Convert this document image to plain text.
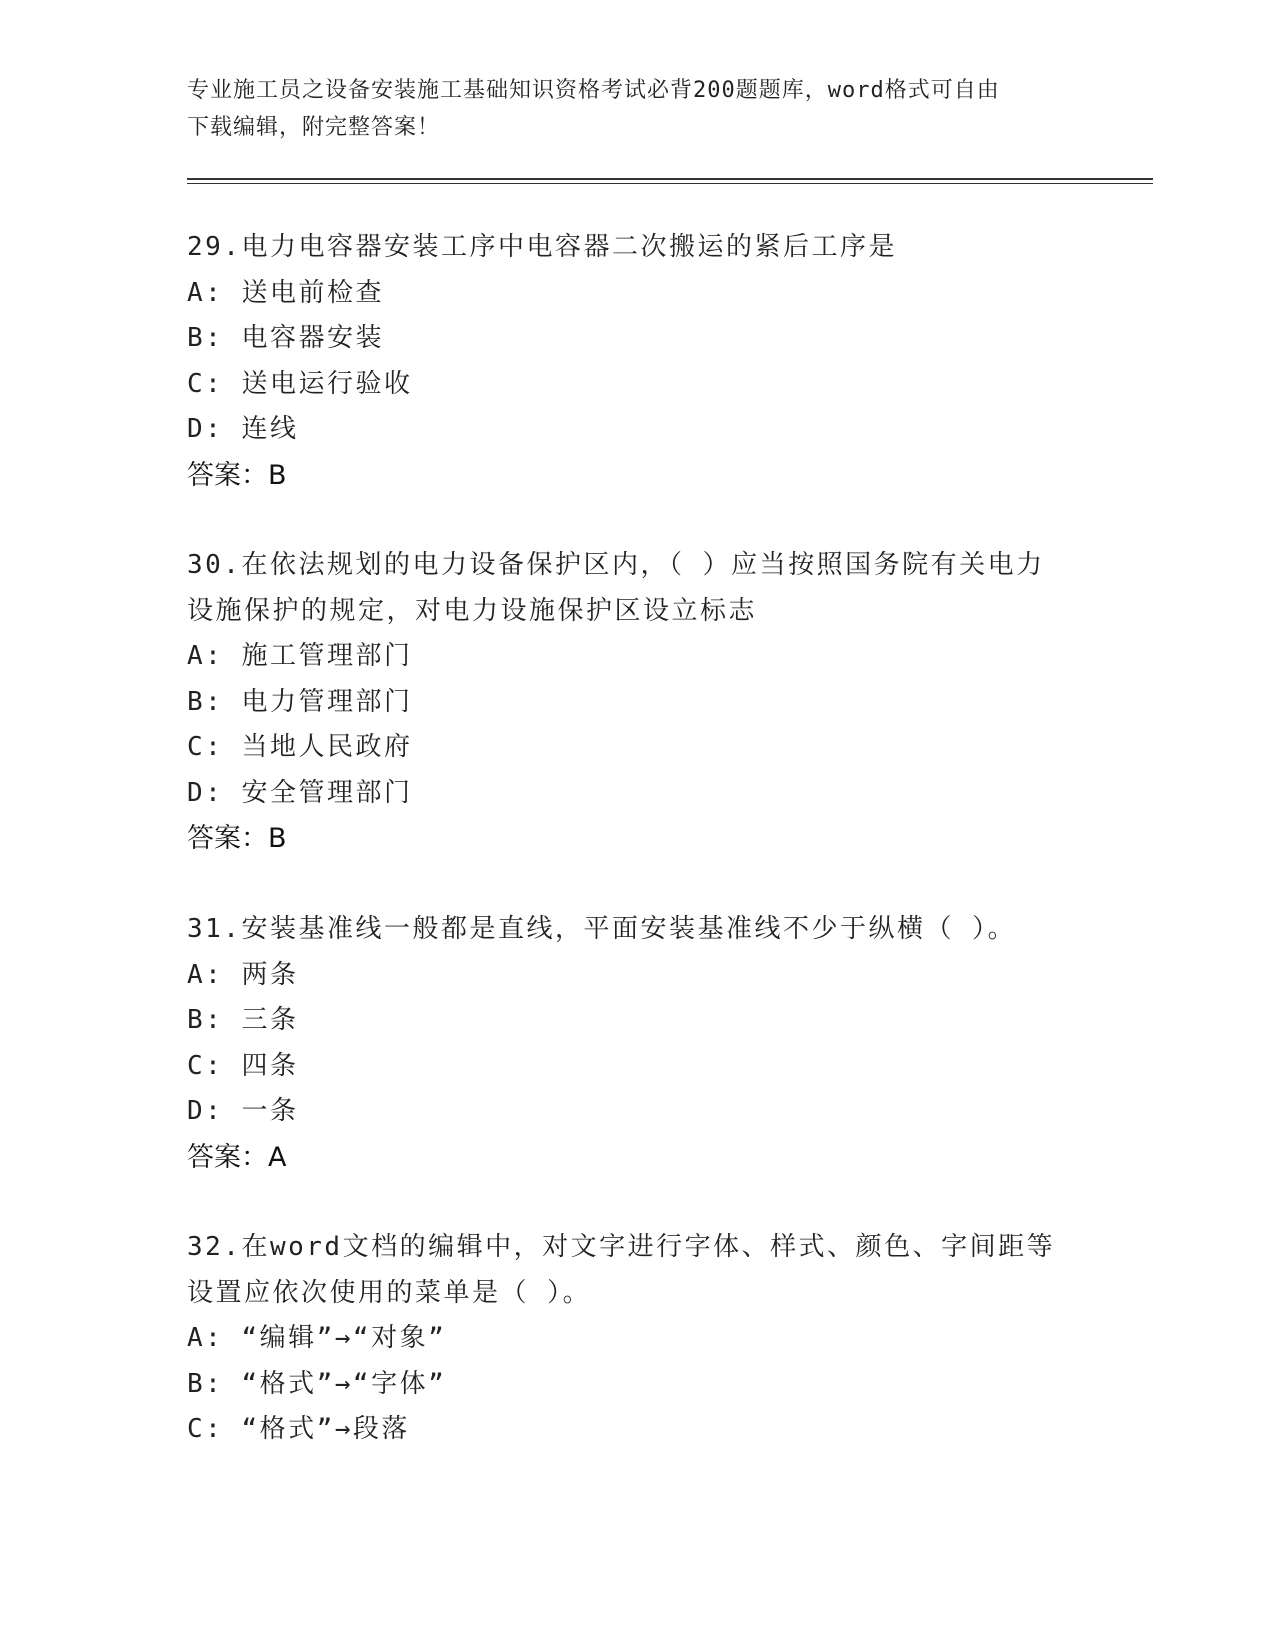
专业施工员之设备安装施工基础知识资格考试必背200题题库，word格式可自由
下载编辑，附完整答案！
29.电力电容器安装工序中电容器二次搬运的紧后工序是
A: 送电前检查
B: 电容器安装
C: 送电运行验收
D: 连线
答案：B
30.在依法规划的电力设备保护区内，（ ）应当按照国务院有关电力
设施保护的规定，对电力设施保护区设立标志
A: 施工管理部门
B: 电力管理部门
C: 当地人民政府
D: 安全管理部门
答案：B
31.安装基准线一般都是直线，平面安装基准线不少于纵横（ ）。
A: 两条
B: 三条
C: 四条
D: 一条
答案：A
32.在word文档的编辑中，对文字进行字体、样式、颜色、字间距等
设置应依次使用的菜单是（ ）。
A: “编辑”→“对象”
B: “格式”→“字体”
C: “格式”→段落
